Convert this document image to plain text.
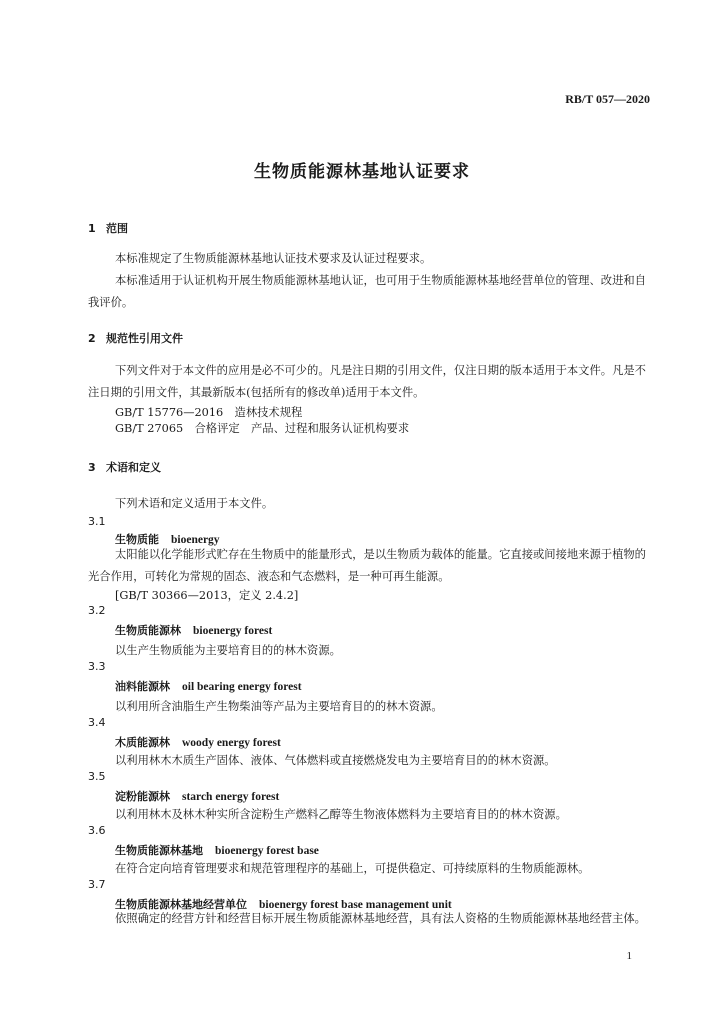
RB/T 057—2020
生物质能源林基地认证要求
1 范围
本标准规定了生物质能源林基地认证技术要求及认证过程要求。
本标准适用于认证机构开展生物质能源林基地认证，也可用于生物质能源林基地经营单位的管理、改进和自我评价。
2 规范性引用文件
下列文件对于本文件的应用是必不可少的。凡是注日期的引用文件，仅注日期的版本适用于本文件。凡是不注日期的引用文件，其最新版本(包括所有的修改单)适用于本文件。
GB/T 15776—2016　造林技术规程
GB/T 27065　合格评定　产品、过程和服务认证机构要求
3 术语和定义
下列术语和定义适用于本文件。
3.1
生物质能 bioenergy
太阳能以化学能形式贮存在生物质中的能量形式，是以生物质为载体的能量。它直接或间接地来源于植物的光合作用，可转化为常规的固态、液态和气态燃料，是一种可再生能源。
[GB/T 30366—2013，定义 2.4.2]
3.2
生物质能源林 bioenergy forest
以生产生物质能为主要培育目的的林木资源。
3.3
油料能源林 oil bearing energy forest
以利用所含油脂生产生物柴油等产品为主要培育目的的林木资源。
3.4
木质能源林 woody energy forest
以利用林木木质生产固体、液体、气体燃料或直接燃烧发电为主要培育目的的林木资源。
3.5
淀粉能源林 starch energy forest
以利用林木及林木种实所含淀粉生产燃料乙醇等生物液体燃料为主要培育目的的林木资源。
3.6
生物质能源林基地 bioenergy forest base
在符合定向培育管理要求和规范管理程序的基础上，可提供稳定、可持续原料的生物质能源林。
3.7
生物质能源林基地经营单位 bioenergy forest base management unit
依照确定的经营方针和经营目标开展生物质能源林基地经营，具有法人资格的生物质能源林基地经营主体。
1
